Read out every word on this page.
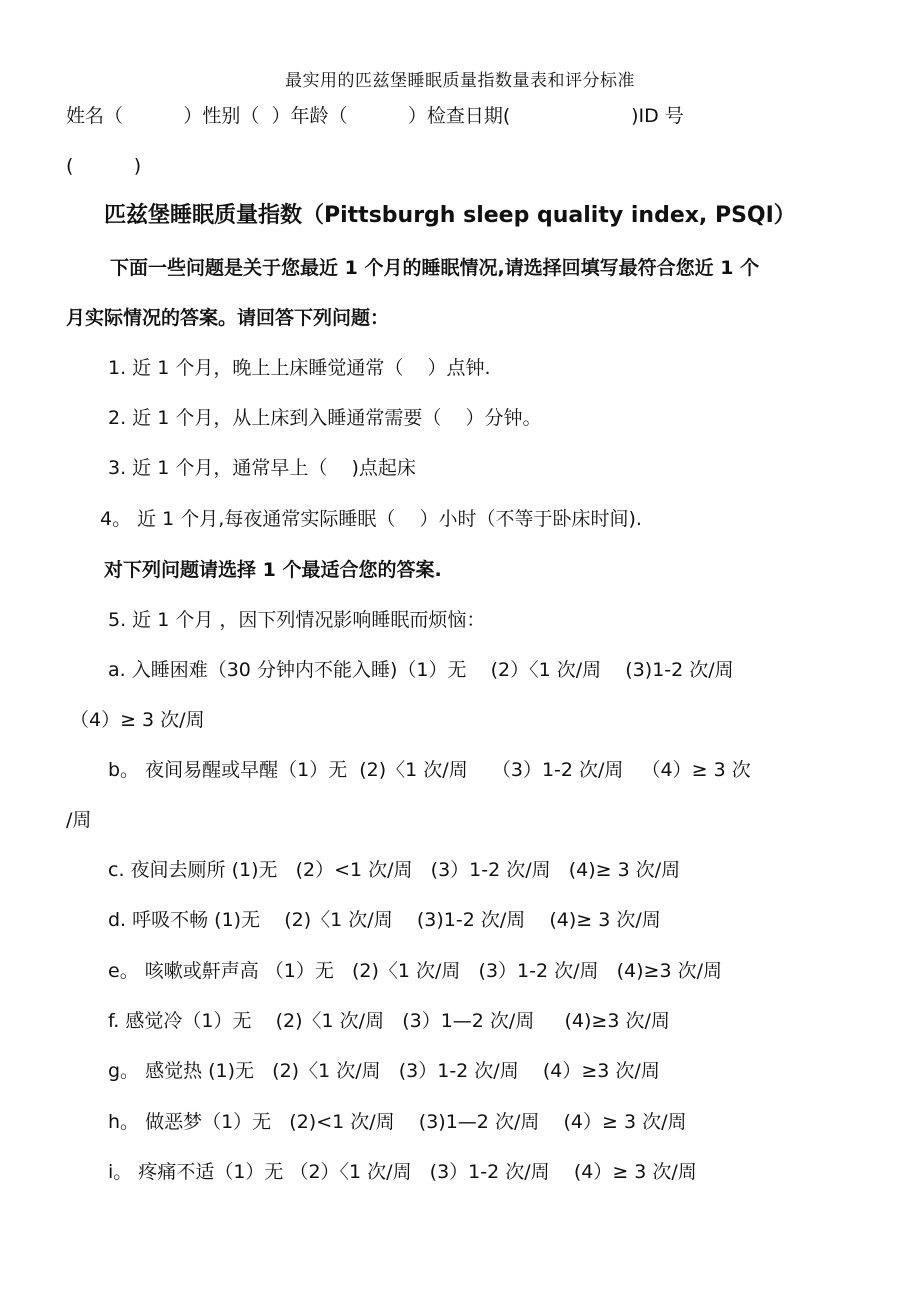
最实用的匹兹堡睡眠质量指数量表和评分标准
姓名（          ）性别（  ）年龄（          ）检查日期(                    )ID 号
(          )
匹兹堡睡眠质量指数（Pittsburgh sleep quality index, PSQI）
下面一些问题是关于您最近 1 个月的睡眠情况,请选择回填写最符合您近 1 个
月实际情况的答案。请回答下列问题：
1. 近 1 个月，晚上上床睡觉通常（    ）点钟.
2. 近 1 个月，从上床到入睡通常需要（    ）分钟。
3. 近 1 个月，通常早上（    )点起床
4。 近 1 个月,每夜通常实际睡眠（    ）小时（不等于卧床时间).
对下列问题请选择 1 个最适合您的答案.
5. 近 1 个月 ，因下列情况影响睡眠而烦恼：
a. 入睡困难（30 分钟内不能入睡)（1）无    (2）〈1 次/周    (3)1-2 次/周
（4）≥ 3 次/周
b。 夜间易醒或早醒（1）无  (2)〈1 次/周    （3）1-2 次/周   （4）≥ 3 次
/周
c. 夜间去厕所 (1)无   (2）<1 次/周   (3）1-2 次/周   (4)≥ 3 次/周
d. 呼吸不畅 (1)无    (2)〈1 次/周    (3)1-2 次/周    (4)≥ 3 次/周
e。 咳嗽或鼾声高 （1）无   (2)〈1 次/周   (3）1-2 次/周   (4)≥3 次/周
f. 感觉冷（1）无    (2)〈1 次/周   (3）1—2 次/周     (4)≥3 次/周
g。 感觉热 (1)无   (2)〈1 次/周   (3）1-2 次/周    (4）≥3 次/周
h。 做恶梦（1）无   (2)<1 次/周    (3)1—2 次/周    (4）≥ 3 次/周
i。 疼痛不适（1）无 （2）〈1 次/周   (3）1-2 次/周    (4）≥ 3 次/周
